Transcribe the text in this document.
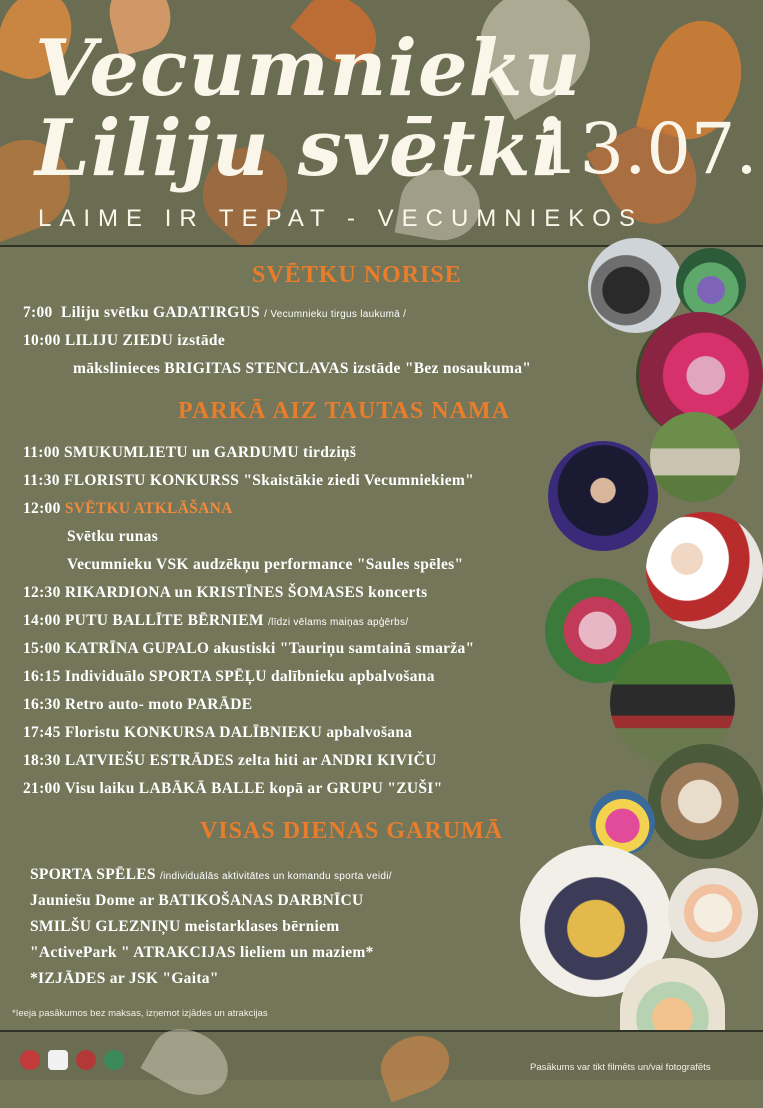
Vecumnieku
Liliju svētki
13.07.
LAIME IR TEPAT - VECUMNIEKOS
SVĒTKU NORISE
7:00 Liliju svētku GADATIRGUS / Vecumnieku tirgus laukumā /
10:00 LILIJU ZIEDU izstāde
mākslinieces BRIGITAS STENCLAVAS izstāde "Bez nosaukuma"
PARKĀ AIZ TAUTAS NAMA
11:00 SMUKUMLIETU un GARDUMU tirdziņš
11:30 FLORISTU KONKURSS "Skaistākie ziedi Vecumniekiem"
12:00 SVĒTKU ATKLĀŠANA
Svētku runas
Vecumnieku VSK audzēkņu performance "Saules spēles"
12:30 RIKARDIONA un KRISTĪNES ŠOMASES koncerts
14:00 PUTU BALLĪTE BĒRNIEM /līdzi vēlams maiņas apģērbs/
15:00 KATRĪNA GUPALO akustiski "Tauriņu samtainā smarža"
16:15 Individuālo SPORTA SPĒĻU dalībnieku apbalvošana
16:30 Retro auto- moto PARĀDE
17:45 Floristu KONKURSA DALĪBNIEKU apbalvošana
18:30 LATVIEŠU ESTRĀDES zelta hiti ar ANDRI KIVIČU
21:00 Visu laiku LABĀKĀ BALLE kopā ar GRUPU "ZUŠI"
VISAS DIENAS GARUMĀ
SPORTA SPĒLES /individuālās aktivitātes un komandu sporta veidi/
Jauniešu Dome ar BATIKOŠANAS DARBNĪCU
SMILŠU GLEZNIŅU meistarklases bērniem
"ActivePark " ATRAKCIJAS lieliem un maziem*
*IZJĀDES ar JSK "Gaita"
*Ieeja pasākumos bez maksas, izņemot izjādes un atrakcijas
Pasākums var tikt filmēts un/vai fotografēts
